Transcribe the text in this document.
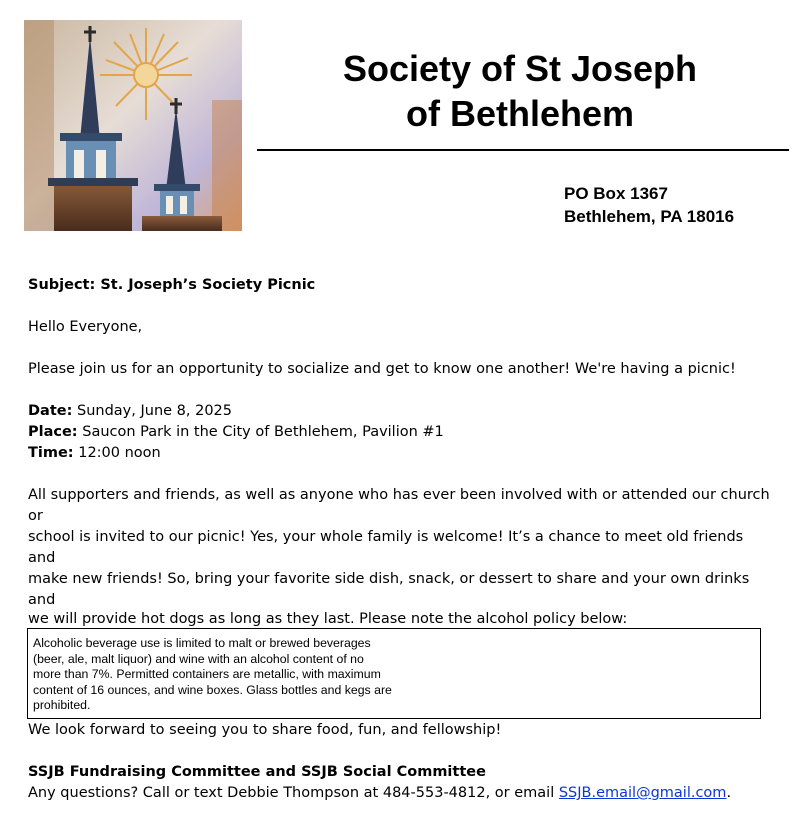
Society of St Joseph
of Bethlehem
PO Box 1367
Bethlehem, PA 18016

Subject: St. Joseph’s Society Picnic

Hello Everyone,

Please join us for an opportunity to socialize and get to know one another! We're having a picnic!

Date: Sunday, June 8, 2025

Place: Saucon Park in the City of Bethlehem, Pavilion #1

Time: 12:00 noon

All supporters and friends, as well as anyone who has ever been involved with or attended our church or

school is invited to our picnic! Yes, your whole family is welcome! It’s a chance to meet old friends and

make new friends! So, bring your favorite side dish, snack, or dessert to share and your own drinks and

we will provide hot dogs as long as they last. Please note the alcohol policy below:

Alcoholic beverage use is limited to malt or brewed beverages (beer, ale, malt liquor) and wine with an alcohol content of no more than 7%. Permitted containers are metallic, with maximum content of 16 ounces, and wine boxes. Glass bottles and kegs are prohibited.

We look forward to seeing you to share food, fun, and fellowship!

SSJB Fundraising Committee and SSJB Social Committee

Any questions? Call or text Debbie Thompson at 484-553-4812, or email SSJB.email@gmail.com.
